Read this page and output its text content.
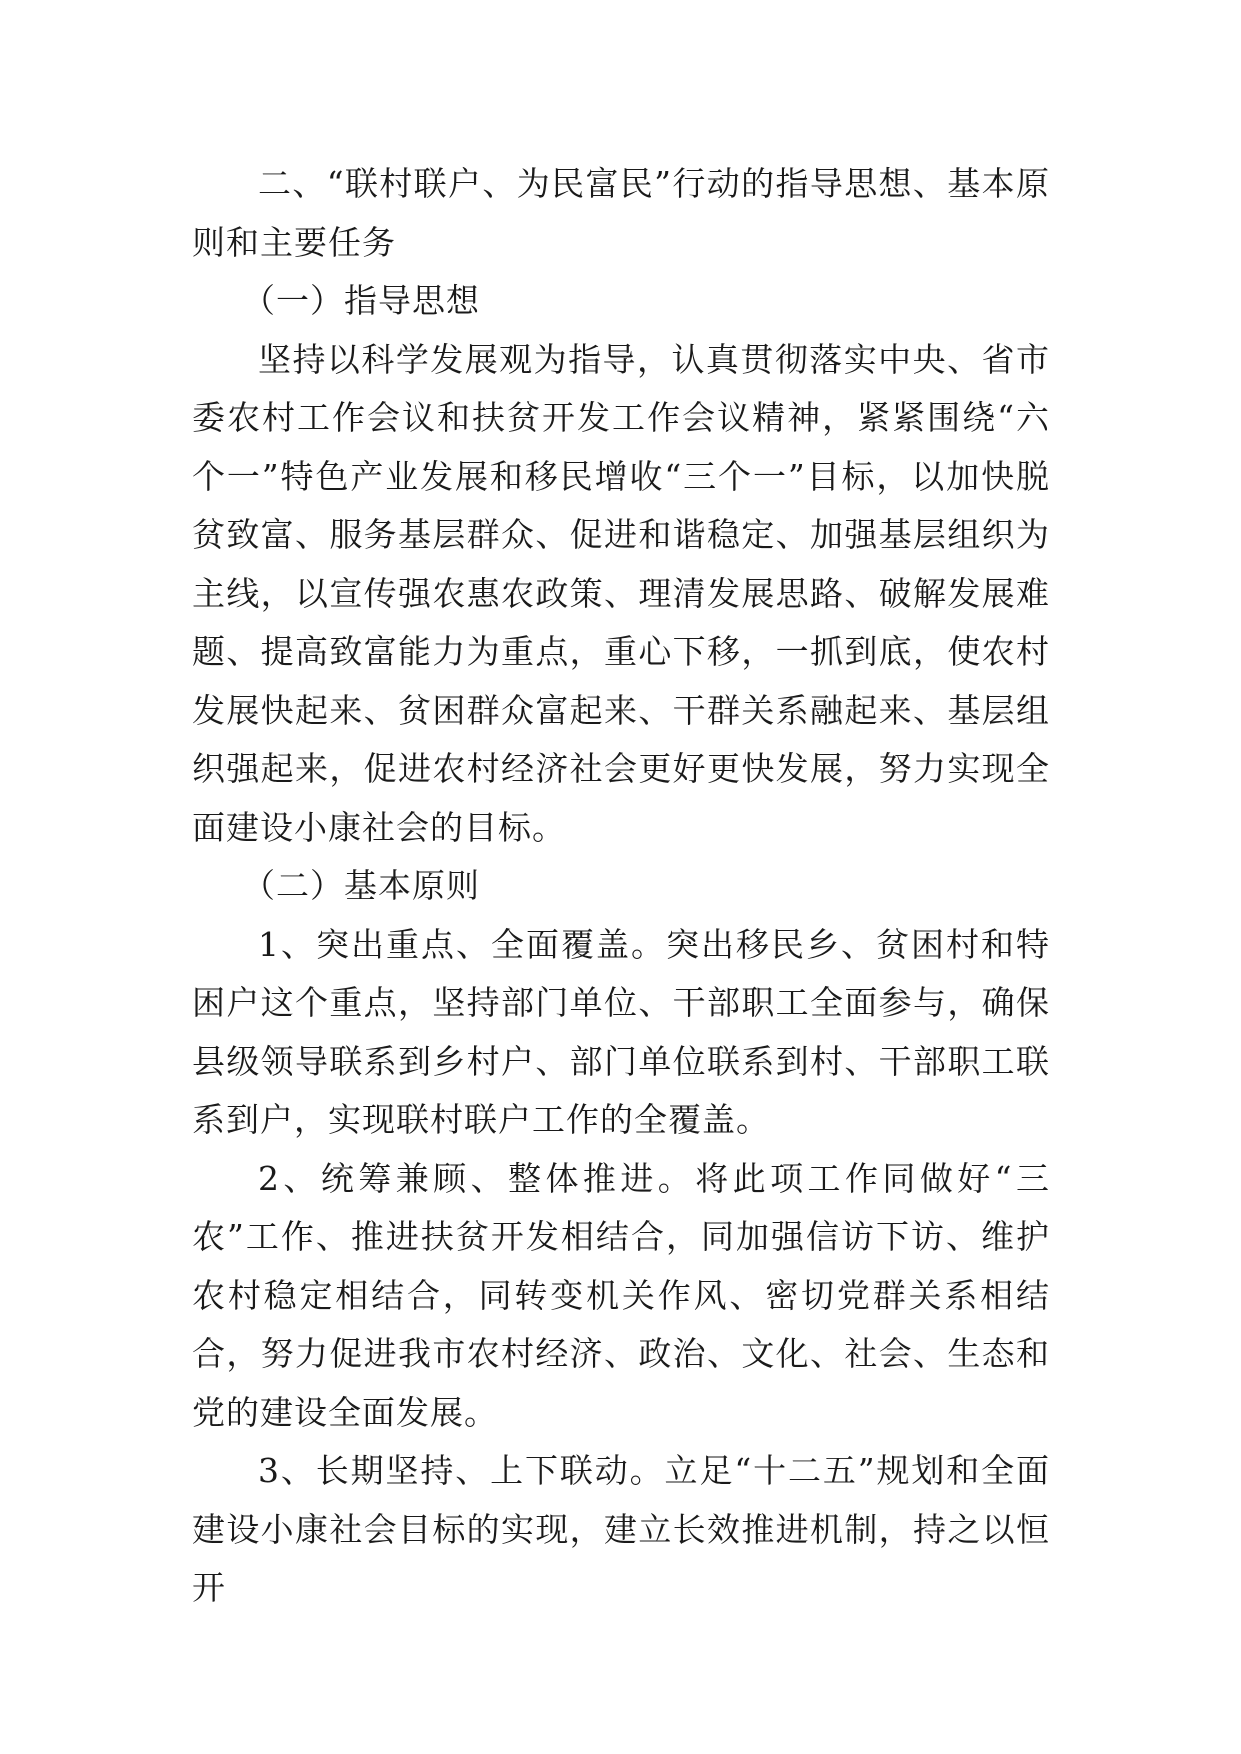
二、“联村联户、为民富民”行动的指导思想、基本原则和主要任务

（一）指导思想

坚持以科学发展观为指导，认真贯彻落实中央、省市委农村工作会议和扶贫开发工作会议精神，紧紧围绕“六个一”特色产业发展和移民增收“三个一”目标，以加快脱贫致富、服务基层群众、促进和谐稳定、加强基层组织为主线，以宣传强农惠农政策、理清发展思路、破解发展难题、提高致富能力为重点，重心下移，一抓到底，使农村发展快起来、贫困群众富起来、干群关系融起来、基层组织强起来，促进农村经济社会更好更快发展，努力实现全面建设小康社会的目标。

（二）基本原则

1、突出重点、全面覆盖。突出移民乡、贫困村和特困户这个重点，坚持部门单位、干部职工全面参与，确保县级领导联系到乡村户、部门单位联系到村、干部职工联系到户，实现联村联户工作的全覆盖。

2、统筹兼顾、整体推进。将此项工作同做好“三农”工作、推进扶贫开发相结合，同加强信访下访、维护农村稳定相结合，同转变机关作风、密切党群关系相结合，努力促进我市农村经济、政治、文化、社会、生态和党的建设全面发展。

3、长期坚持、上下联动。立足“十二五”规划和全面建设小康社会目标的实现，建立长效推进机制，持之以恒开
